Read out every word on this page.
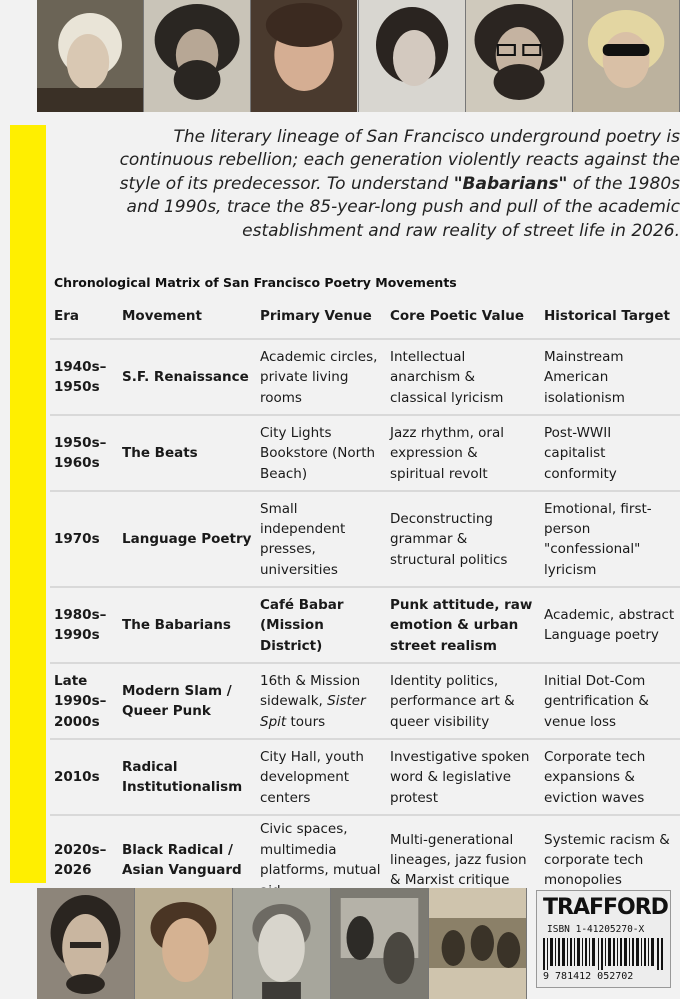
The literary lineage of San Francisco underground poetry is
continuous rebellion; each generation violently reacts against the
style of its predecessor. To understand "Babarians" of the 1980s
and 1990s, trace the 85-year-long push and pull of the academic
establishment and raw reality of street life in 2026.
Chronological Matrix of San Francisco Poetry Movements
Era	Movement	Primary Venue	Core Poetic Value	Historical Target
1940s–
1950s	S.F. Renaissance	Academic circles, private living rooms	Intellectual anarchism & classical lyricism	Mainstream American isolationism
1950s–
1960s	The Beats	City Lights Bookstore (North Beach)	Jazz rhythm, oral expression & spiritual revolt	Post-WWII capitalist conformity
1970s	Language Poetry	Small independent presses, universities	Deconstructing grammar & structural politics	Emotional, first-person "confessional" lyricism
1980s–
1990s	The Babarians	Café Babar (Mission District)	Punk attitude, raw emotion & urban street realism	Academic, abstract Language poetry
Late
1990s–
2000s	Modern Slam / Queer Punk	16th & Mission sidewalk, Sister Spit tours	Identity politics, performance art & queer visibility	Initial Dot-Com gentrification & venue loss
2010s	Radical Institutionalism	City Hall, youth development centers	Investigative spoken word & legislative protest	Corporate tech expansions & eviction waves
2020s–
2026	Black Radical / Asian Vanguard	Civic spaces, multimedia platforms, mutual	Multi-generational lineages, jazz fusion & Marxist critique	Systemic racism & corporate tech monopolies
TRAFFORD
ISBN 1-41205270-X
9 781412 052702
